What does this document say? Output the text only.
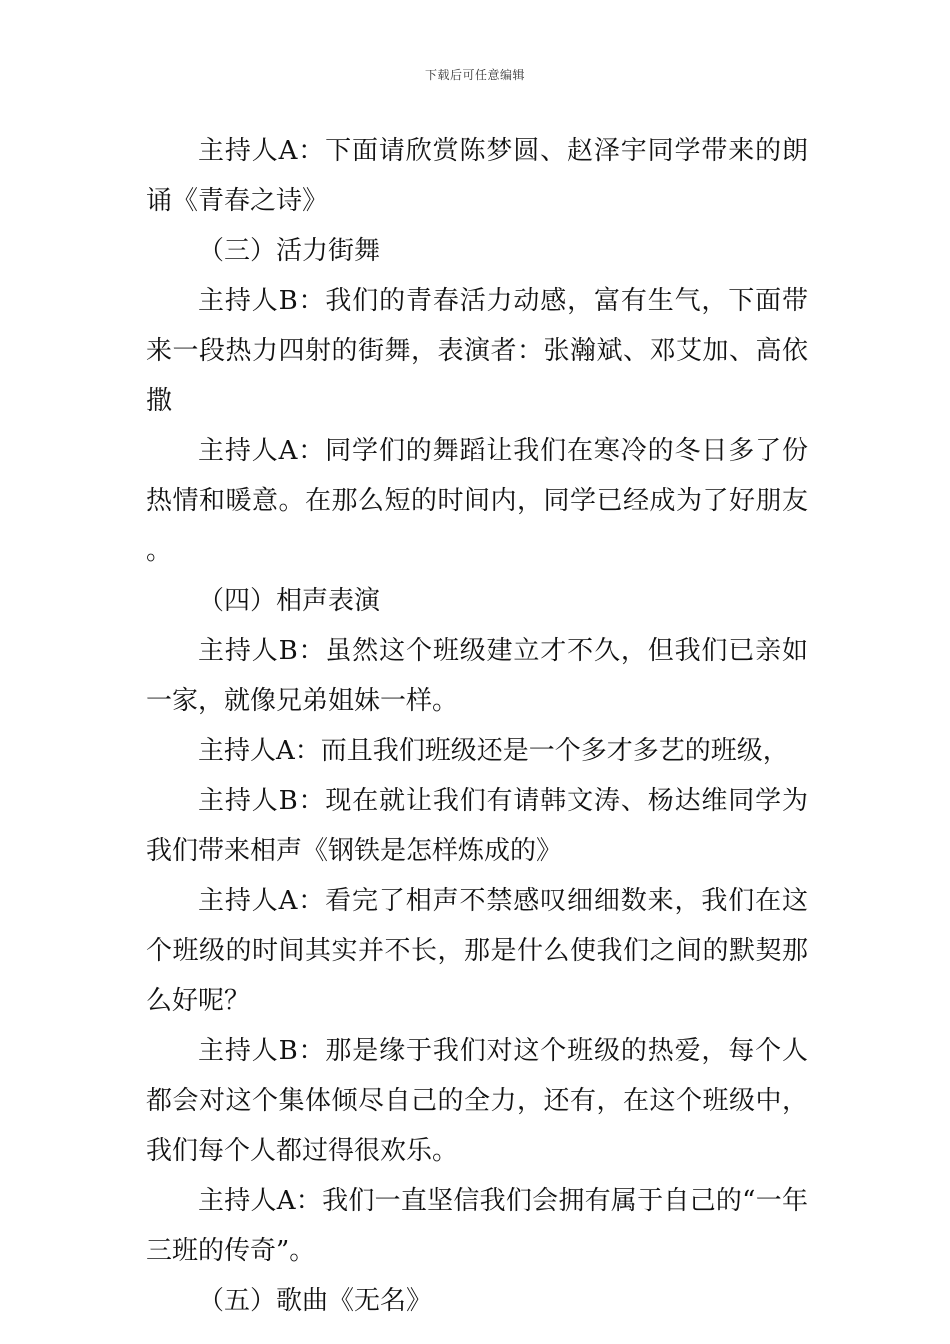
下载后可任意编辑

主持人A：下面请欣赏陈梦圆、赵泽宇同学带来的朗诵《青春之诗》

（三）活力街舞

主持人B：我们的青春活力动感，富有生气，下面带来一段热力四射的街舞，表演者：张瀚斌、邓艾加、高依撒

主持人A：同学们的舞蹈让我们在寒冷的冬日多了份热情和暖意。在那么短的时间内，同学已经成为了好朋友。

（四）相声表演

主持人B：虽然这个班级建立才不久，但我们已亲如一家，就像兄弟姐妹一样。

主持人A：而且我们班级还是一个多才多艺的班级，

主持人B：现在就让我们有请韩文涛、杨达维同学为我们带来相声《钢铁是怎样炼成的》

主持人A：看完了相声不禁感叹细细数来，我们在这个班级的时间其实并不长，那是什么使我们之间的默契那么好呢？

主持人B：那是缘于我们对这个班级的热爱，每个人都会对这个集体倾尽自己的全力，还有，在这个班级中，我们每个人都过得很欢乐。

主持人A：我们一直坚信我们会拥有属于自己的“一年三班的传奇”。

（五）歌曲《无名》
